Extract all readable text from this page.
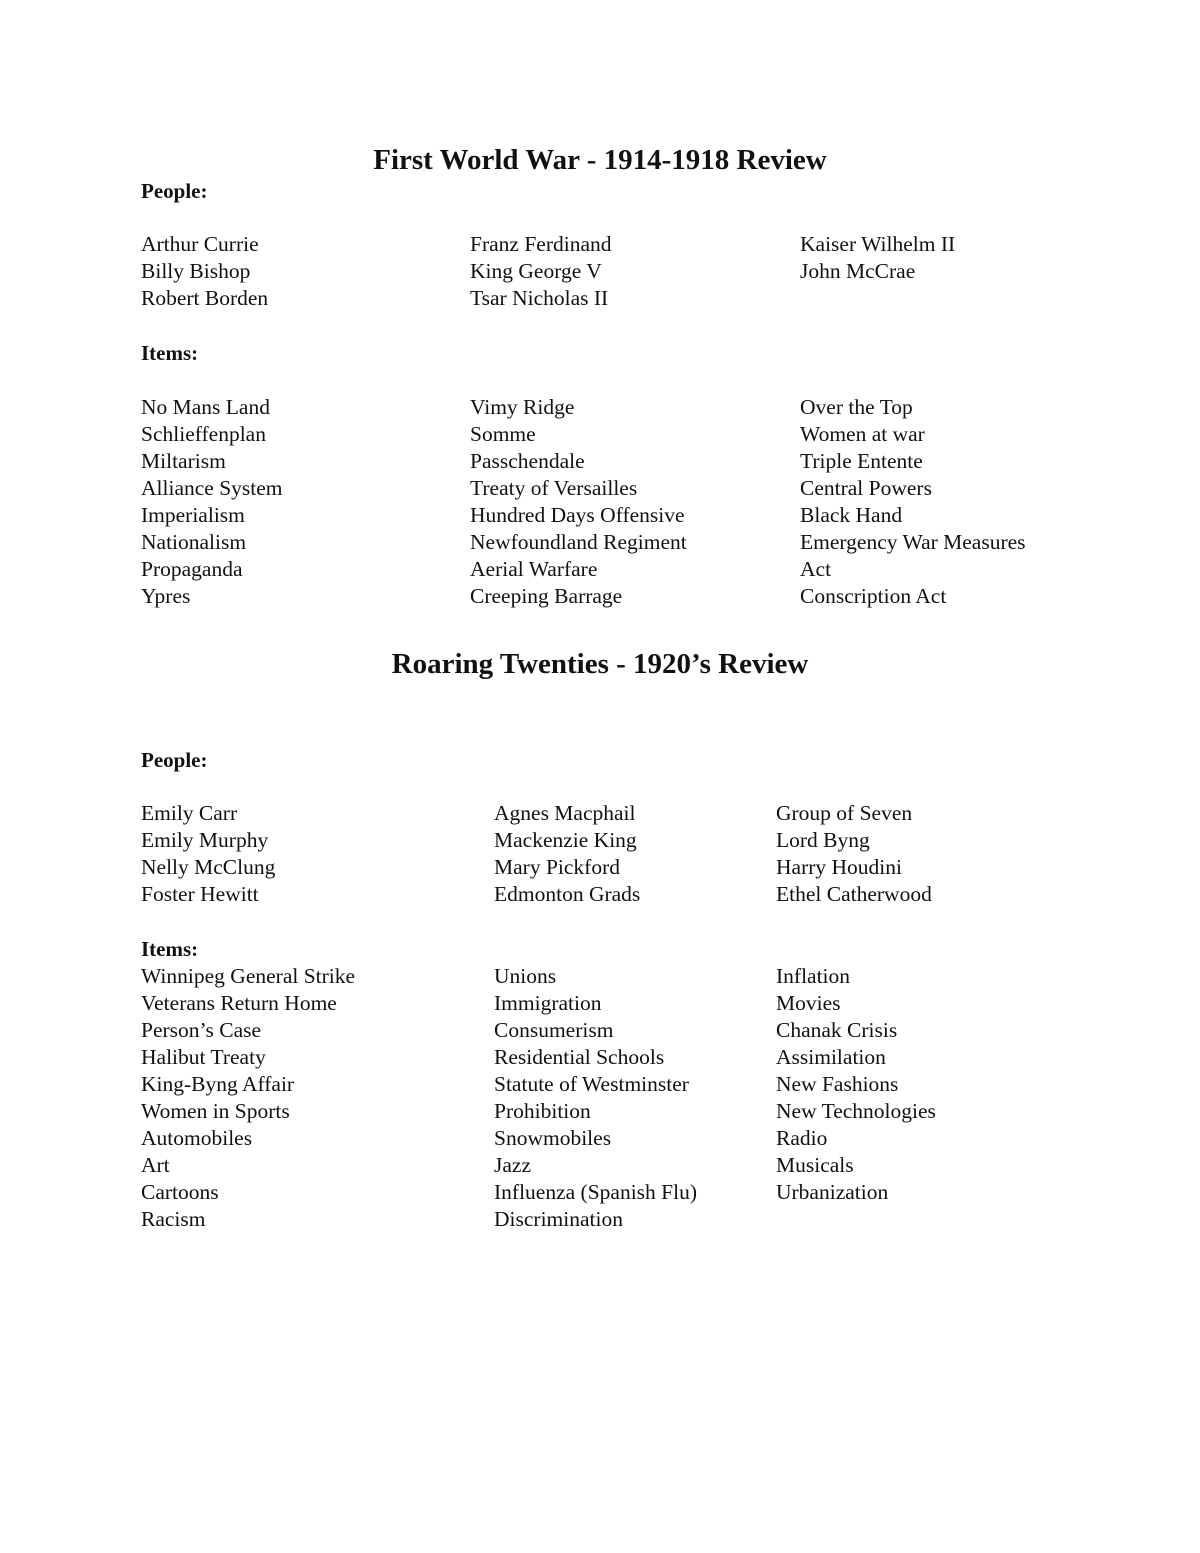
First World War - 1914-1918 Review
People:
Arthur Currie
Billy Bishop
Robert Borden
Franz Ferdinand
King George V
Tsar Nicholas II
Kaiser Wilhelm II
John McCrae
Items:
No Mans Land
Schlieffenplan
Miltarism
Alliance System
Imperialism
Nationalism
Propaganda
Ypres
Vimy Ridge
Somme
Passchendale
Treaty of Versailles
Hundred Days Offensive
Newfoundland Regiment
Aerial Warfare
Creeping Barrage
Over the Top
Women at war
Triple Entente
Central Powers
Black Hand
Emergency War Measures
Act
Conscription Act
Roaring Twenties - 1920’s Review
People:
Emily Carr
Emily Murphy
Nelly McClung
Foster Hewitt
Agnes Macphail
Mackenzie King
Mary Pickford
Edmonton Grads
Group of Seven
Lord Byng
Harry Houdini
Ethel Catherwood
Items:
Winnipeg General Strike
Veterans Return Home
Person’s Case
Halibut Treaty
King-Byng Affair
Women in Sports
Automobiles
Art
Cartoons
Racism
Unions
Immigration
Consumerism
Residential Schools
Statute of Westminster
Prohibition
Snowmobiles
Jazz
Influenza (Spanish Flu)
Discrimination
Inflation
Movies
Chanak Crisis
Assimilation
New Fashions
New Technologies
Radio
Musicals
Urbanization
